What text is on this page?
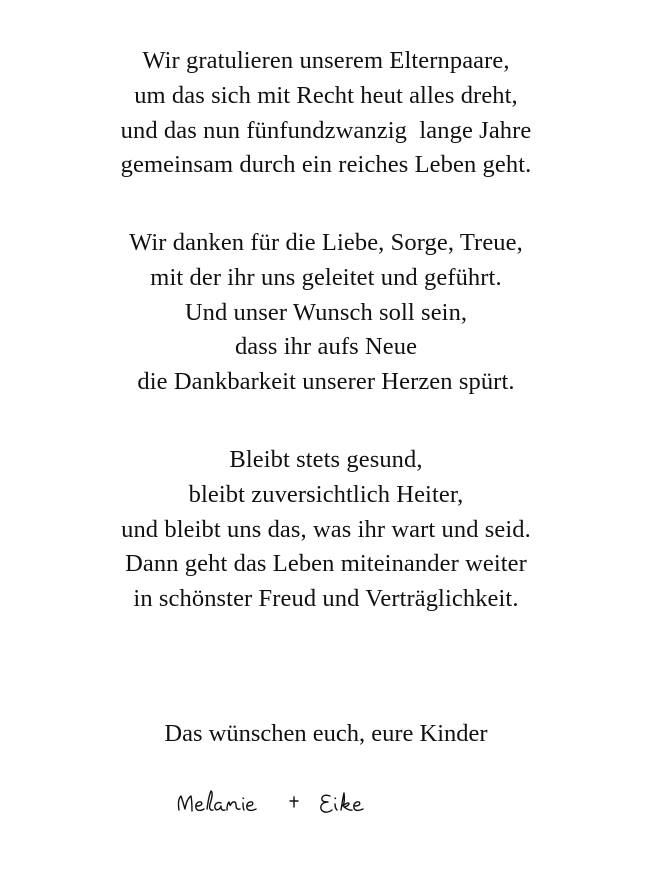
Wir gratulieren unserem Elternpaare,
um das sich mit Recht heut alles dreht,
und das nun fünfundzwanzig  lange Jahre
gemeinsam durch ein reiches Leben geht.
Wir danken für die Liebe, Sorge, Treue,
mit der ihr uns geleitet und geführt.
Und unser Wunsch soll sein,
dass ihr aufs Neue
die Dankbarkeit unserer Herzen spürt.
Bleibt stets gesund,
bleibt zuversichtlich Heiter,
und bleibt uns das, was ihr wart und seid.
Dann geht das Leben miteinander weiter
in schönster Freud und Verträglichkeit.
Das wünschen euch, eure Kinder
